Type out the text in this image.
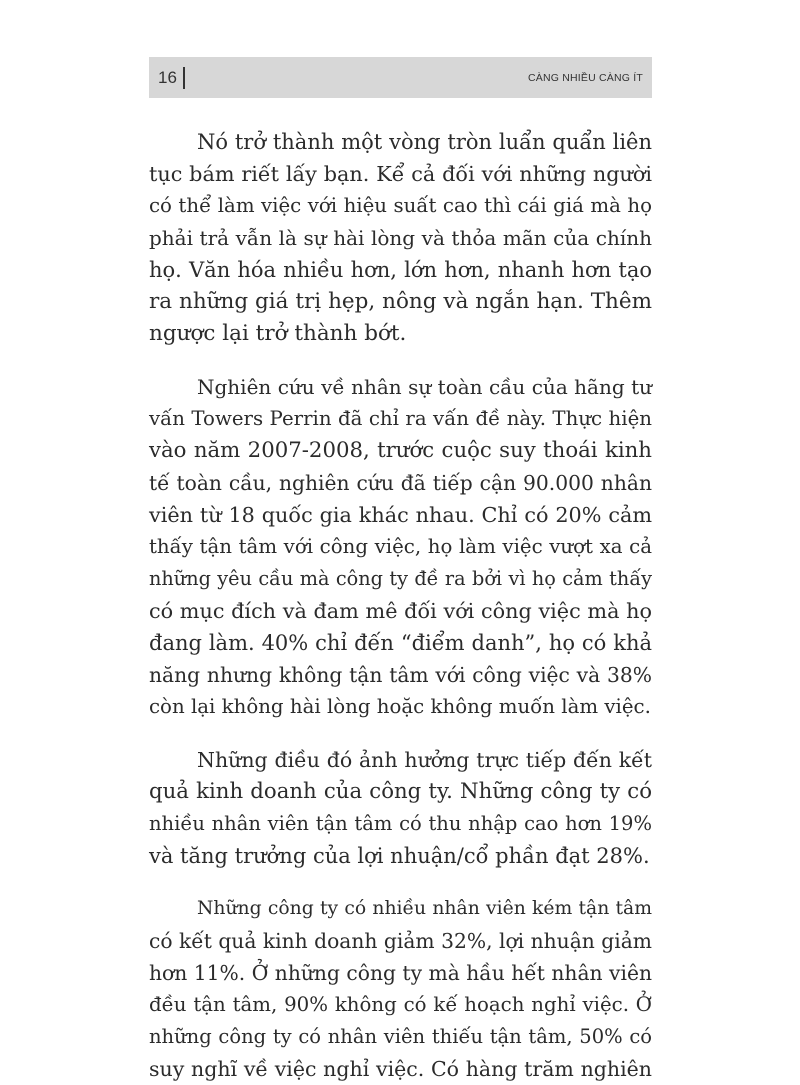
16	CÀNG NHIỀU CÀNG ÍT
Nó trở thành một vòng tròn luẩn quẩn liên
tục bám riết lấy bạn. Kể cả đối với những người
có thể làm việc với hiệu suất cao thì cái giá mà họ
phải trả vẫn là sự hài lòng và thỏa mãn của chính
họ. Văn hóa nhiều hơn, lớn hơn, nhanh hơn tạo
ra những giá trị hẹp, nông và ngắn hạn. Thêm
ngược lại trở thành bớt.
Nghiên cứu về nhân sự toàn cầu của hãng tư
vấn Towers Perrin đã chỉ ra vấn đề này. Thực hiện
vào năm 2007-2008, trước cuộc suy thoái kinh
tế toàn cầu, nghiên cứu đã tiếp cận 90.000 nhân
viên từ 18 quốc gia khác nhau. Chỉ có 20% cảm
thấy tận tâm với công việc, họ làm việc vượt xa cả
những yêu cầu mà công ty đề ra bởi vì họ cảm thấy
có mục đích và đam mê đối với công việc mà họ
đang làm. 40% chỉ đến “điểm danh”, họ có khả
năng nhưng không tận tâm với công việc và 38%
còn lại không hài lòng hoặc không muốn làm việc.
Những điều đó ảnh hưởng trực tiếp đến kết
quả kinh doanh của công ty. Những công ty có
nhiều nhân viên tận tâm có thu nhập cao hơn 19%
và tăng trưởng của lợi nhuận/cổ phần đạt 28%.
Những công ty có nhiều nhân viên kém tận tâm
có kết quả kinh doanh giảm 32%, lợi nhuận giảm
hơn 11%. Ở những công ty mà hầu hết nhân viên
đều tận tâm, 90% không có kế hoạch nghỉ việc. Ở
những công ty có nhân viên thiếu tận tâm, 50% có
suy nghĩ về việc nghỉ việc. Có hàng trăm nghiên
